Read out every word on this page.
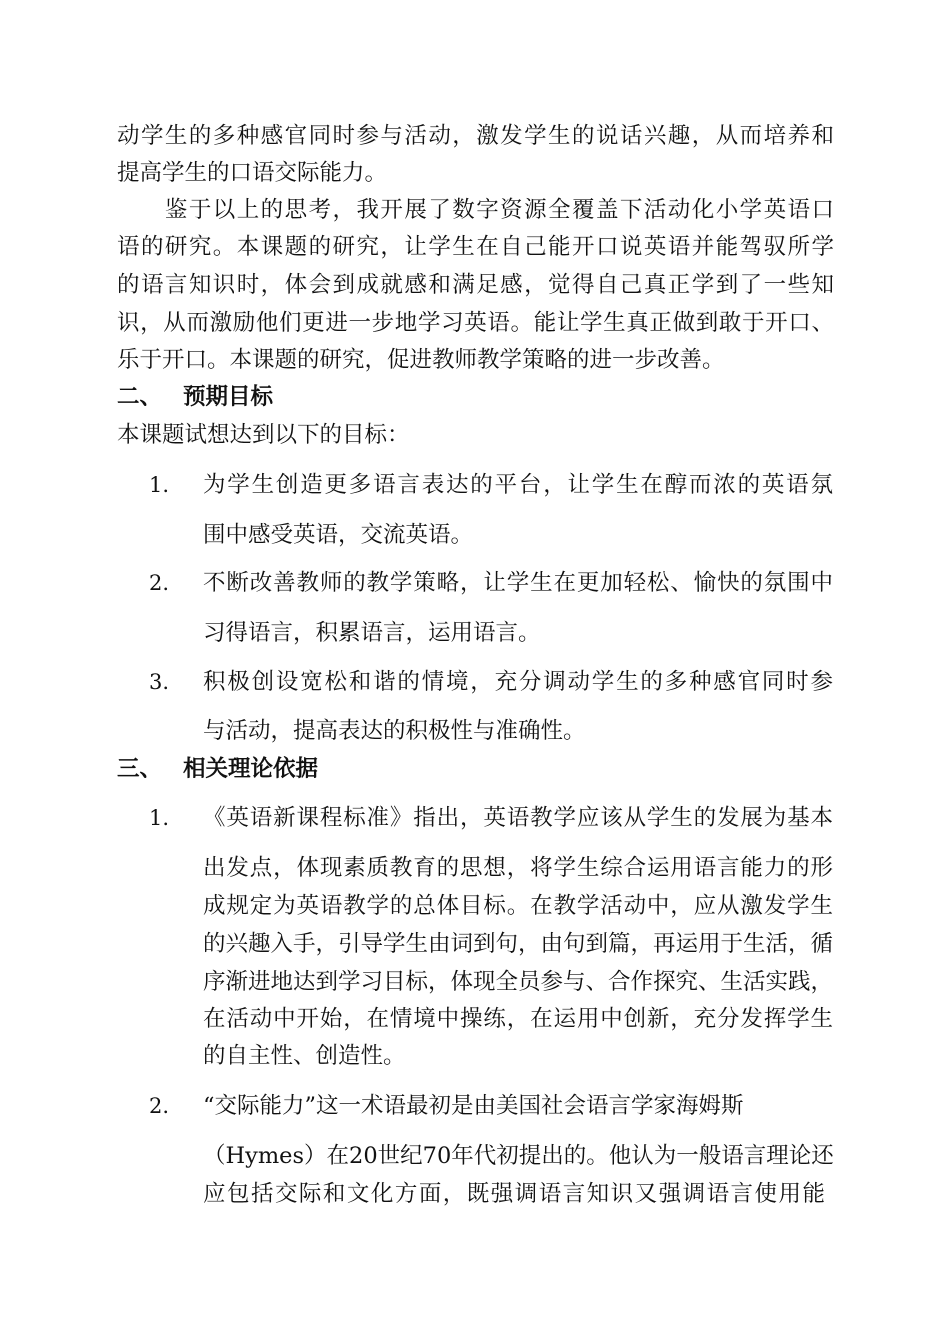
动学生的多种感官同时参与活动，激发学生的说话兴趣，从而培养和
提高学生的口语交际能力。
　　鉴于以上的思考，我开展了数字资源全覆盖下活动化小学英语口
语的研究。本课题的研究，让学生在自己能开口说英语并能驾驭所学
的语言知识时，体会到成就感和满足感，觉得自己真正学到了一些知
识，从而激励他们更进一步地学习英语。能让学生真正做到敢于开口、
乐于开口。本课题的研究，促进教师教学策略的进一步改善。
二、 预期目标
本课题试想达到以下的目标：
1. 为学生创造更多语言表达的平台，让学生在醇而浓的英语氛
围中感受英语，交流英语。
2. 不断改善教师的教学策略，让学生在更加轻松、愉快的氛围中
习得语言，积累语言，运用语言。
3. 积极创设宽松和谐的情境，充分调动学生的多种感官同时参
与活动，提高表达的积极性与准确性。
三、 相关理论依据
1. 《英语新课程标准》指出，英语教学应该从学生的发展为基本
出发点，体现素质教育的思想，将学生综合运用语言能力的形
成规定为英语教学的总体目标。在教学活动中，应从激发学生
的兴趣入手，引导学生由词到句，由句到篇，再运用于生活，循
序渐进地达到学习目标，体现全员参与、合作探究、生活实践，
在活动中开始，在情境中操练，在运用中创新，充分发挥学生
的自主性、创造性。
2. “交际能力”这一术语最初是由美国社会语言学家海姆斯
（Hymes）在20世纪70年代初提出的。他认为一般语言理论还
应包括交际和文化方面，既强调语言知识又强调语言使用能
